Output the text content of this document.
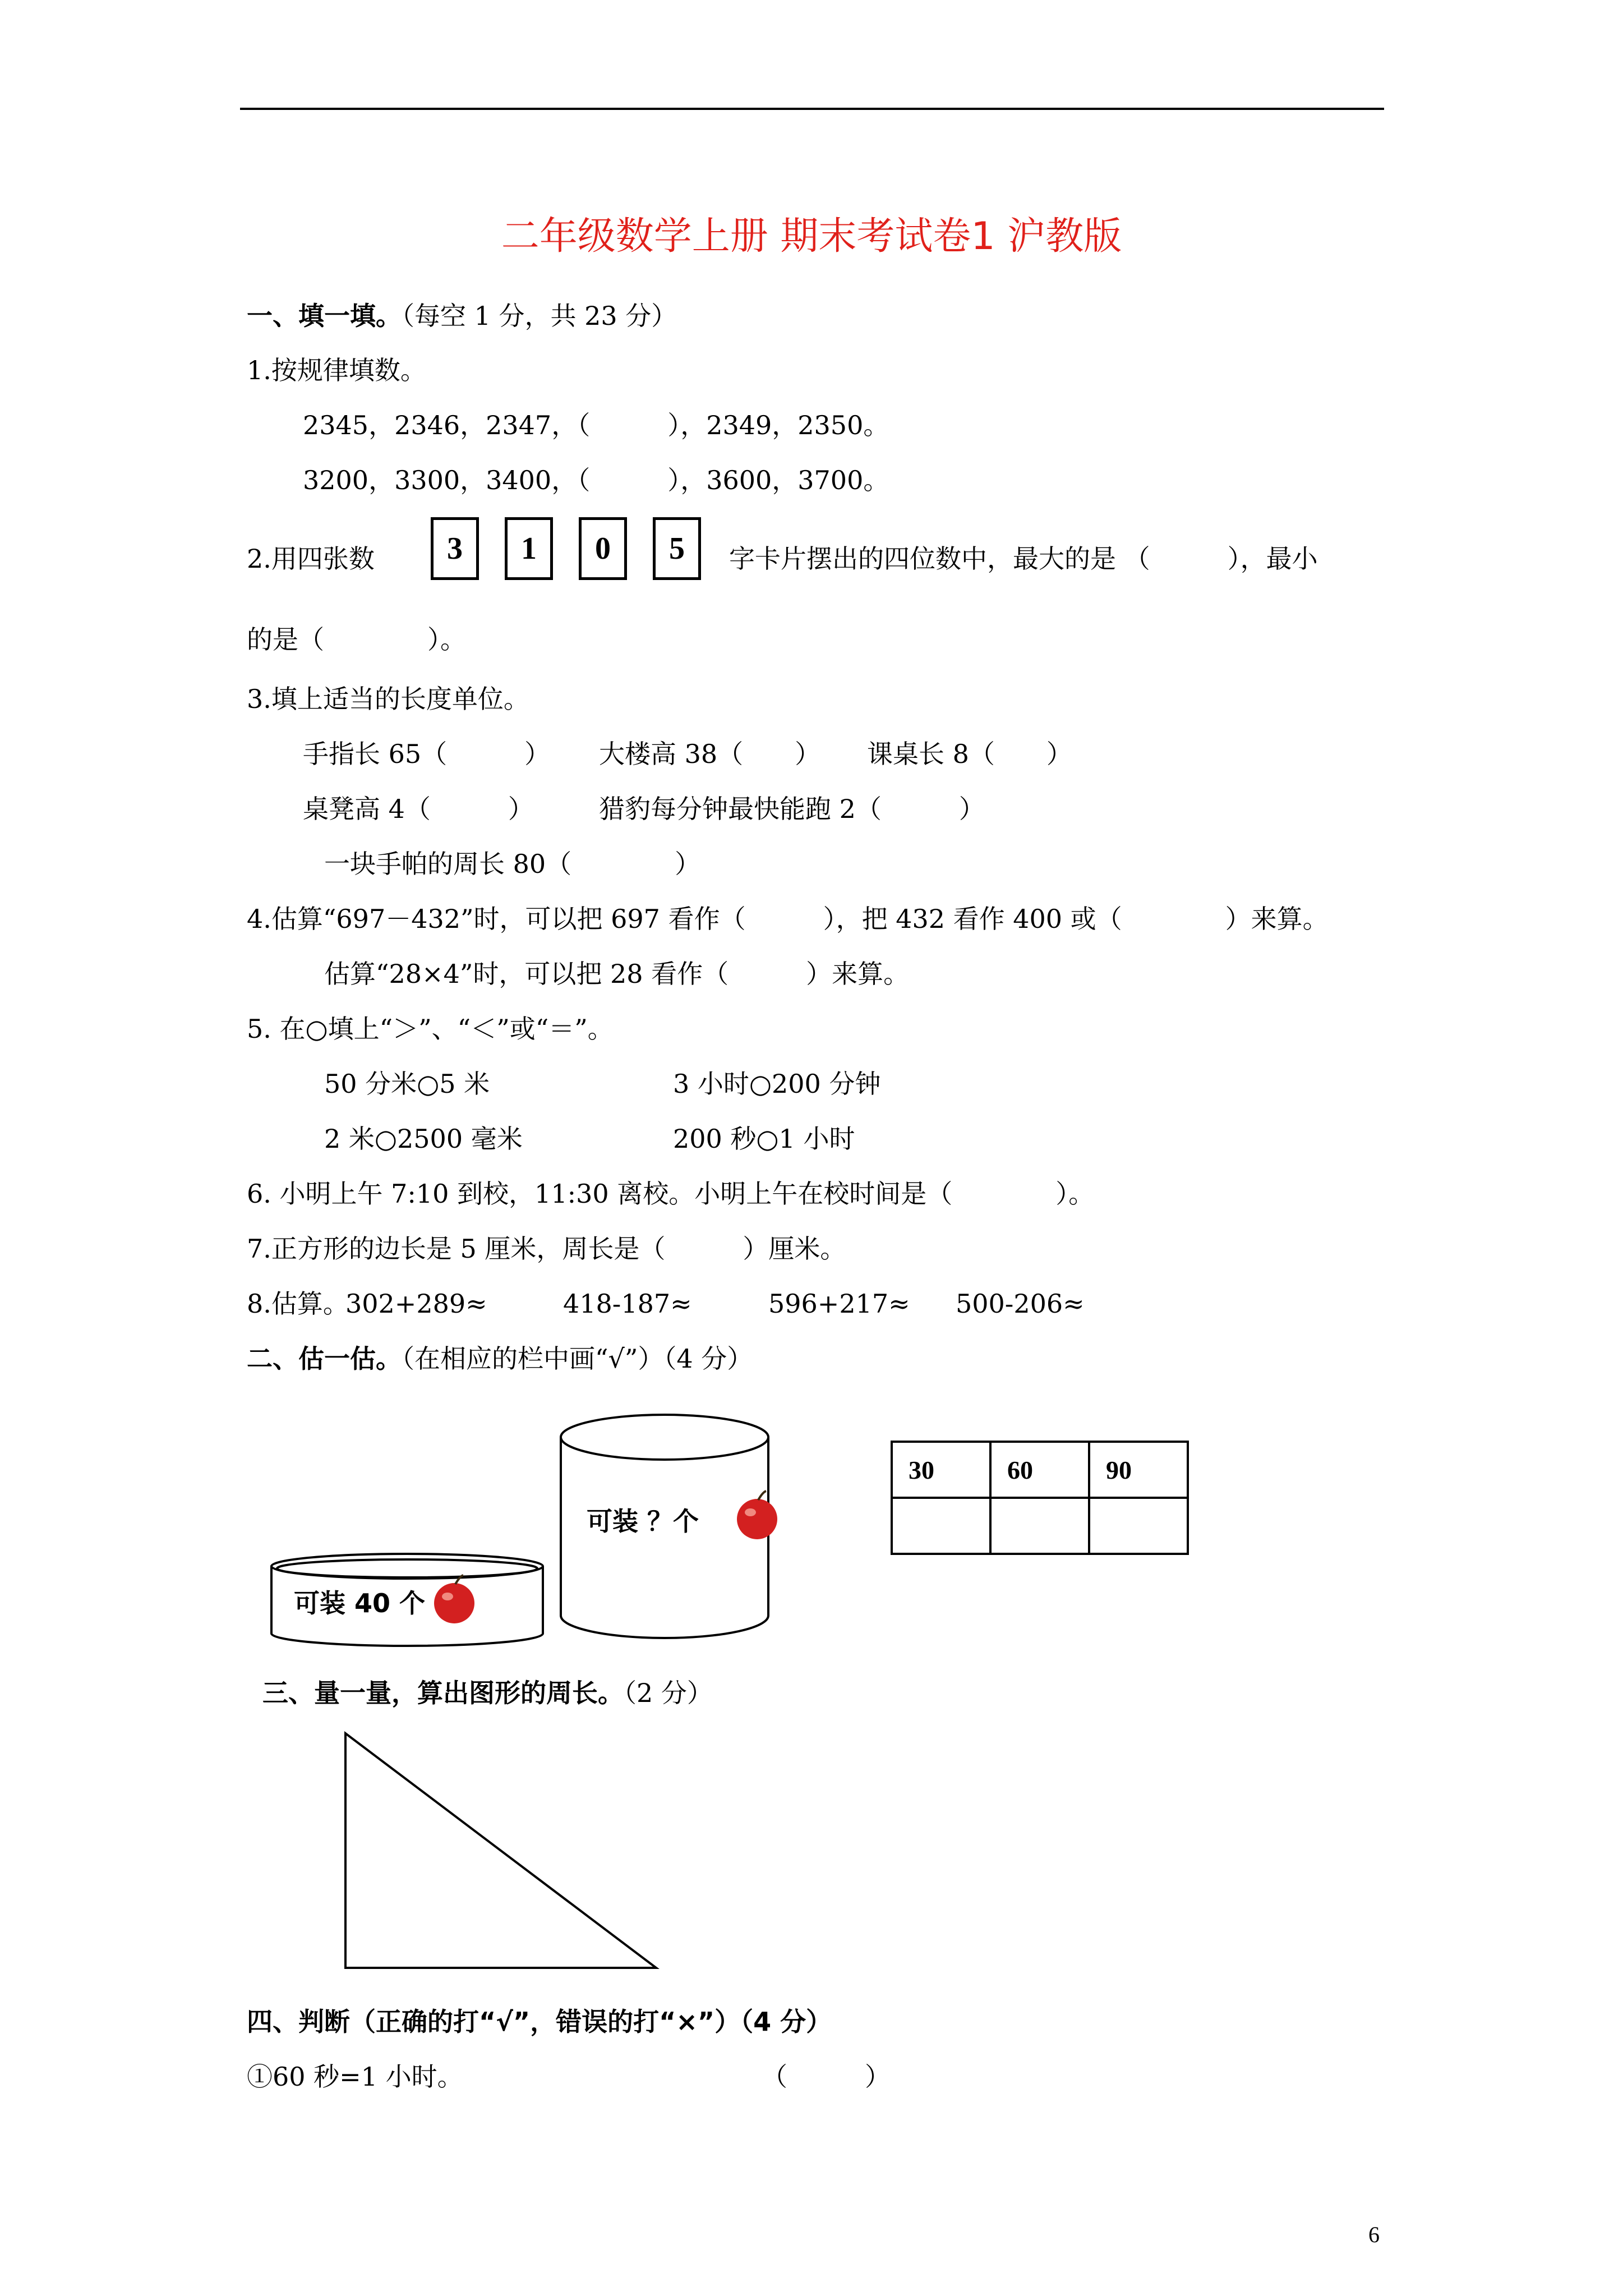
二年级数学上册 期末考试卷1 沪教版
一、填一填。（每空 1 分，共 23 分）
1.按规律填数。
2345，2346，2347，（　　　），2349，2350。
3200，3300，3400，（　　　），3600，3700。
2.用四张数	3	1	0	5	字卡片摆出的四位数中，最大的是 （　　　），最小
的是（　　　　）。
3.填上适当的长度单位。
手指长 65（　　　） 大楼高 38（　　） 课桌长 8（　　）
桌凳高 4（　　　）	猎豹每分钟最快能跑 2（　　　）
一块手帕的周长 80（　　　　）
4.估算“697－432”时，可以把 697 看作（　　　），把 432 看作 400 或（　　　　）来算。
估算“28×4”时，可以把 28 看作（　　　）来算。
5. 在○填上“＞”、“＜”或“＝”。
50 分米○5 米	3 小时○200 分钟
2 米○2500 毫米	200 秒○1 小时
6. 小明上午 7:10 到校，11:30 离校。小明上午在校时间是（　　　　）。
7.正方形的边长是 5 厘米，周长是（　　　）厘米。
8.估算。
302+289≈	418-187≈	596+217≈ 500-206≈
二、估一估。（在相应的栏中画“√”）（4 分）
可装 ？个
可装 40 个
30	60	90

三、量一量，算出图形的周长。（2 分）
四、判断（正确的打“√”，错误的打“×”）（4 分）
①60 秒=1 小时。	（　　　）
6
